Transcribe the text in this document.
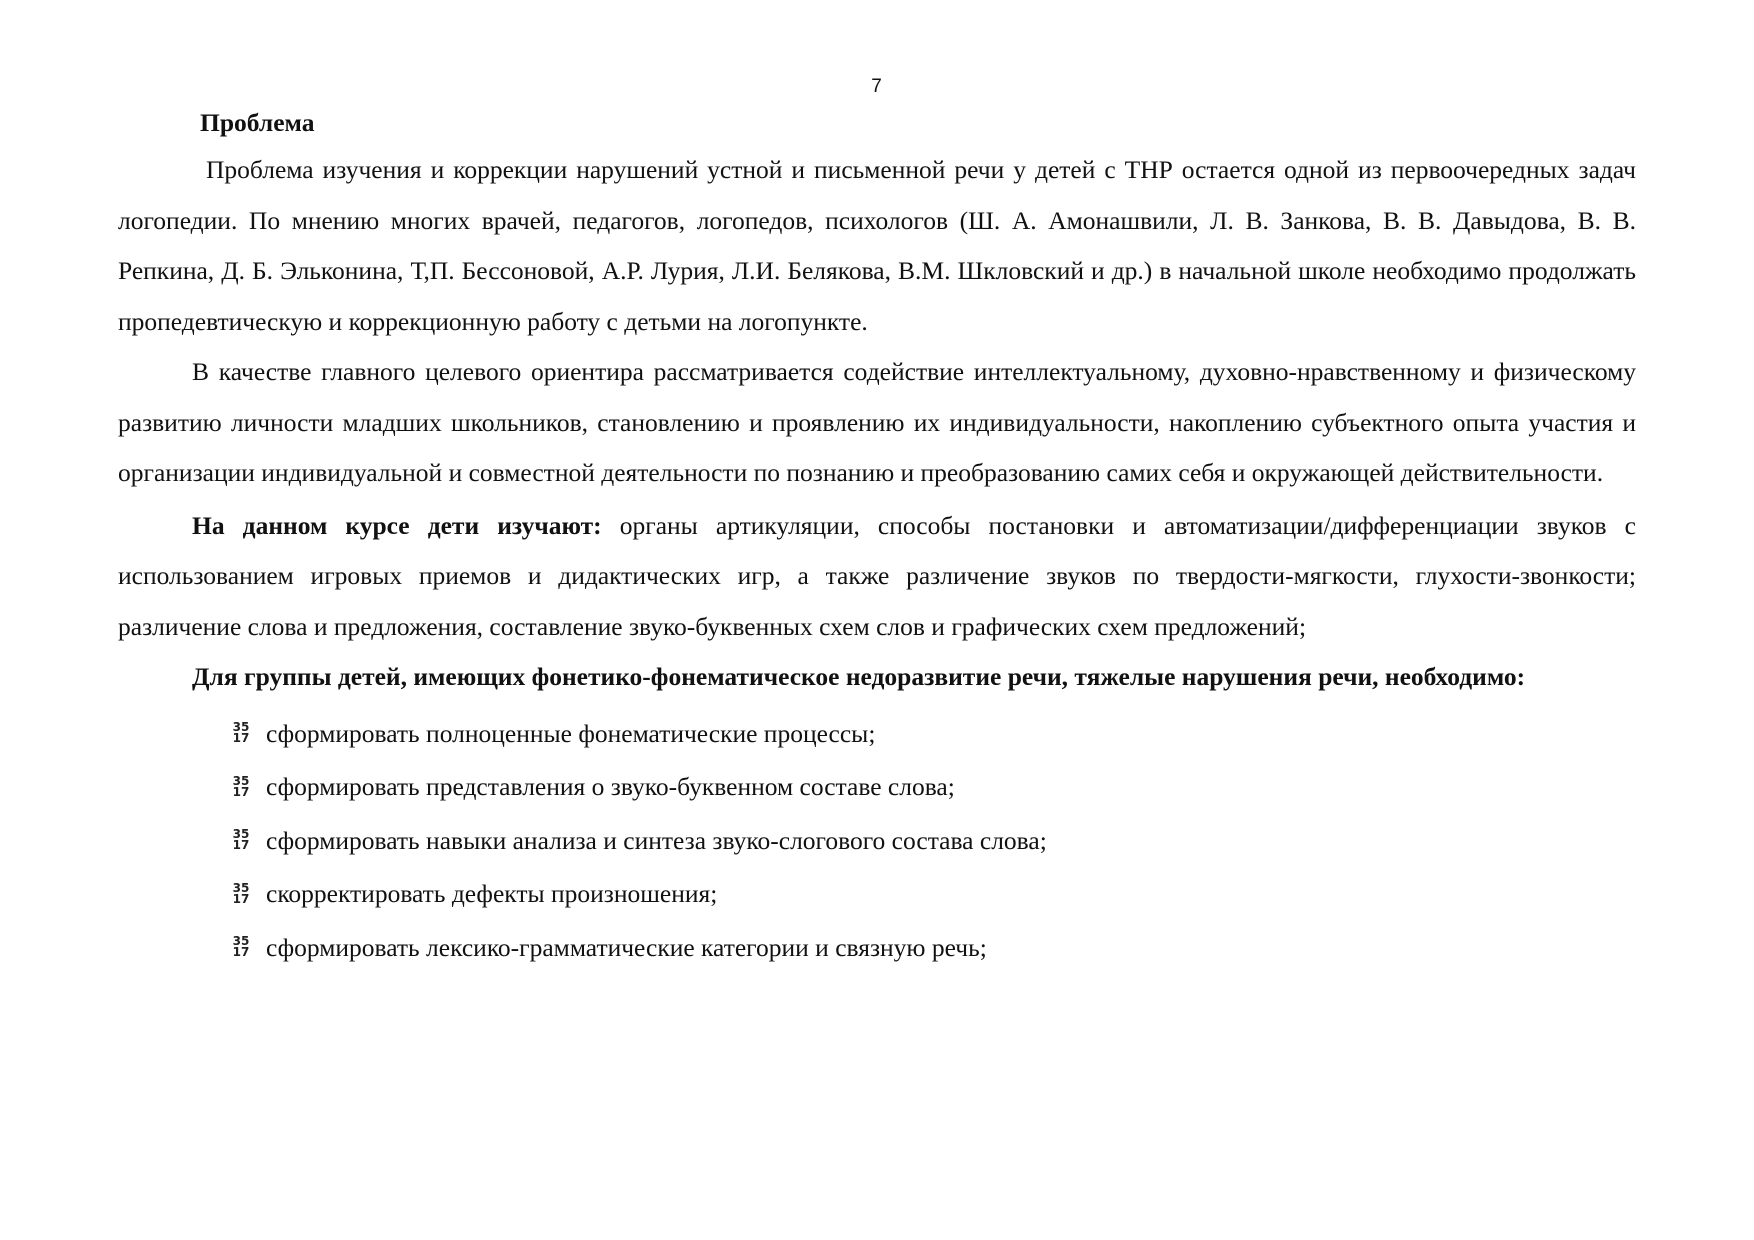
7
Проблема

Проблема изучения и коррекции нарушений устной и письменной речи у детей с ТНР остается одной из первоочередных задач логопедии. По мнению многих врачей, педагогов, логопедов, психологов (Ш. А. Амонашвили, Л. В. Занкова, В. В. Давыдова, В. В. Репкина, Д. Б. Эльконина, Т,П. Бессоновой, А.Р. Лурия, Л.И. Белякова, В.М. Шкловский и др.) в начальной школе необходимо продолжать пропедевтическую и коррекционную работу с детьми на логопункте.

В качестве главного целевого ориентира рассматривается содействие интеллектуальному, духовно-нравственному и физическому развитию личности младших школьников, становлению и проявлению их индивидуальности, накоплению субъектного опыта участия и организации индивидуальной и совместной деятельности по познанию и преобразованию самих себя и окружающей действительности.

На данном курсе дети изучают: органы артикуляции, способы постановки и автоматизации/дифференциации звуков с использованием игровых приемов и дидактических игр, а также различение звуков по твердости-мягкости, глухости-звонкости; различение слова и предложения, составление звуко-буквенных схем слов и графических схем предложений;

Для группы детей, имеющих фонетико-фонематическое недоразвитие речи, тяжелые нарушения речи, необходимо:

35
17 сформировать полноценные фонематические процессы;
35
17 сформировать представления о звуко-буквенном составе слова;
35
17 сформировать навыки анализа и синтеза звуко-слогового состава слова;
35
17 скорректировать дефекты произношения;
35
17 сформировать лексико-грамматические категории и связную речь;
